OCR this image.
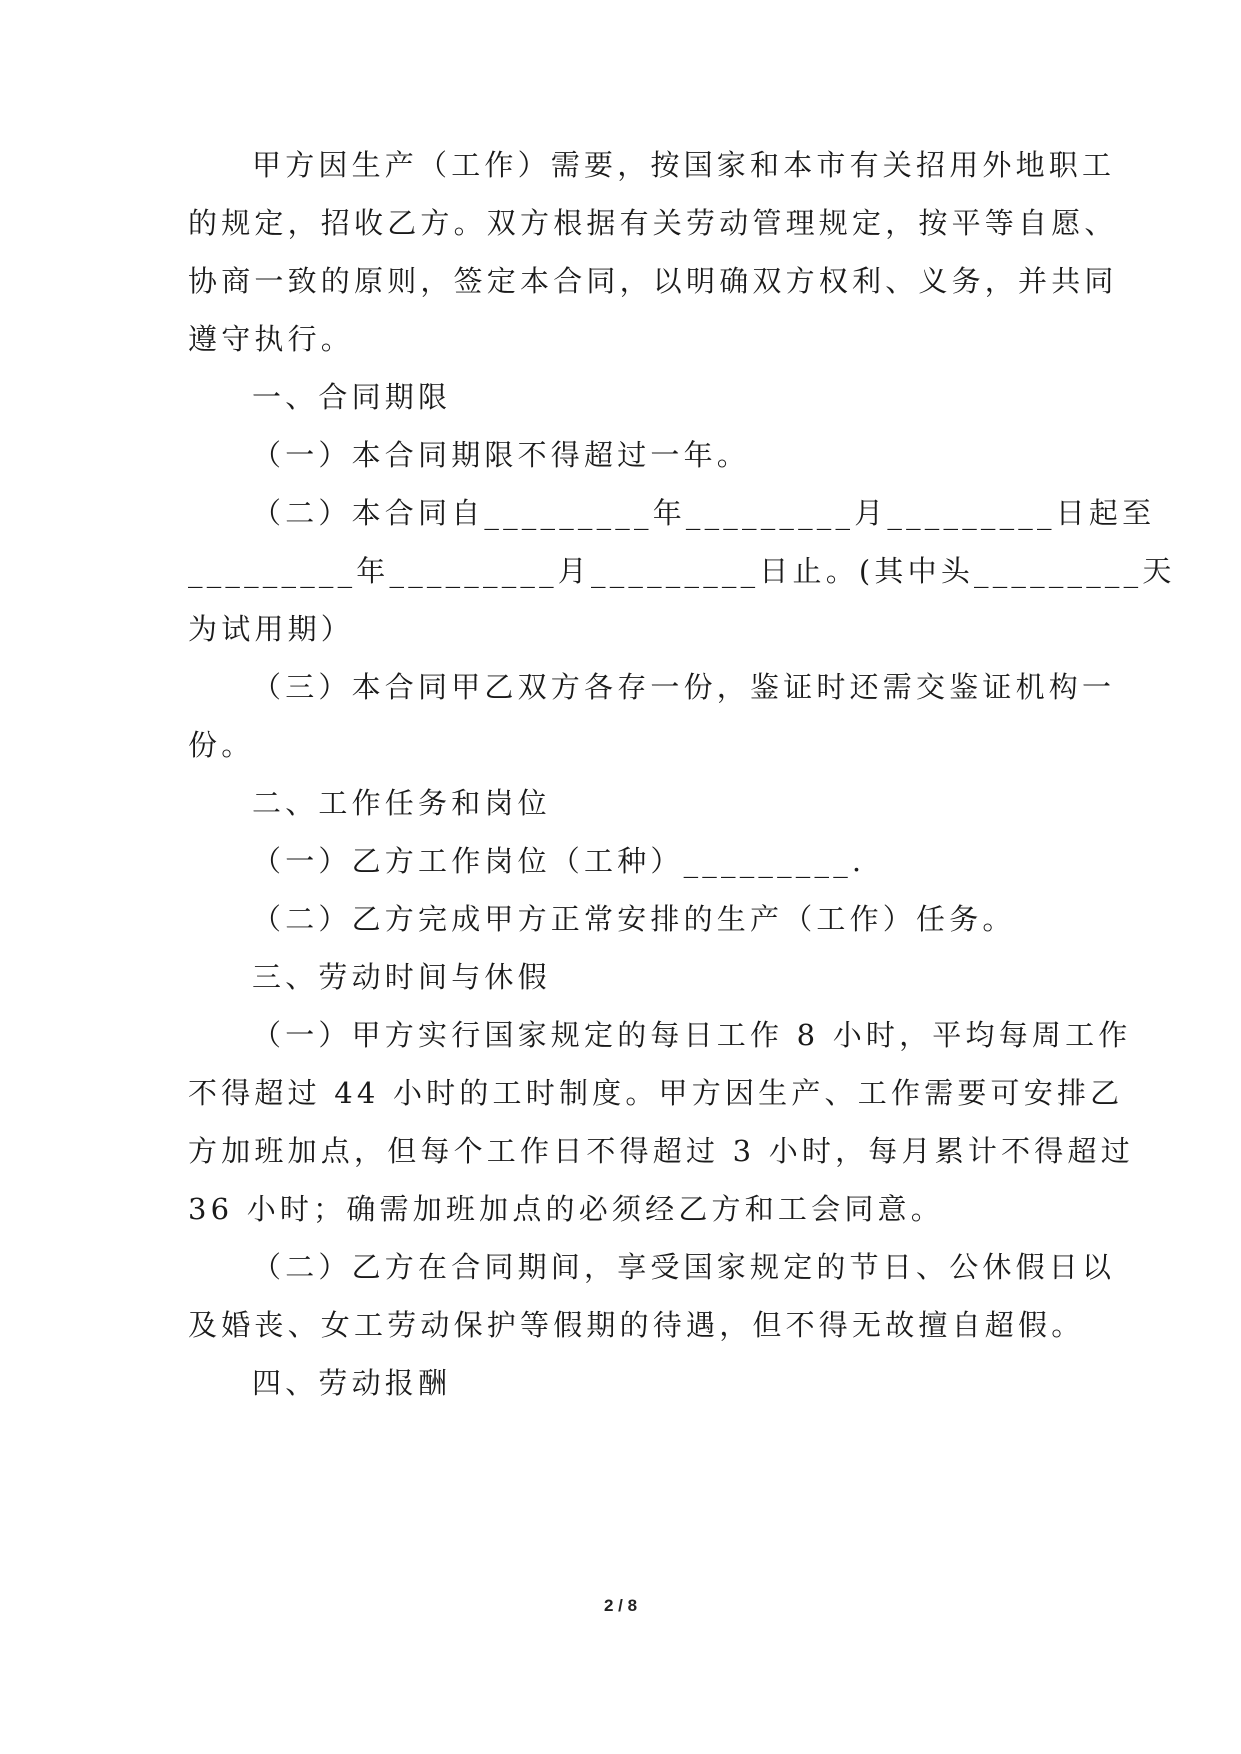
甲方因生产（工作）需要，按国家和本市有关招用外地职工
的规定，招收乙方。双方根据有关劳动管理规定，按平等自愿、
协商一致的原则，签定本合同，以明确双方权利、义务，并共同
遵守执行。
一、合同期限
（一）本合同期限不得超过一年。
（二）本合同自_________年_________月_________日起至
_________年_________月_________日止。(其中头_________天
为试用期）
（三）本合同甲乙双方各存一份，鉴证时还需交鉴证机构一
份。
二、工作任务和岗位
（一）乙方工作岗位（工种）_________.
（二）乙方完成甲方正常安排的生产（工作）任务。
三、劳动时间与休假
（一）甲方实行国家规定的每日工作 8 小时，平均每周工作
不得超过 44 小时的工时制度。甲方因生产、工作需要可安排乙
方加班加点，但每个工作日不得超过 3 小时，每月累计不得超过
36 小时；确需加班加点的必须经乙方和工会同意。
（二）乙方在合同期间，享受国家规定的节日、公休假日以
及婚丧、女工劳动保护等假期的待遇，但不得无故擅自超假。
四、劳动报酬
2 / 8
